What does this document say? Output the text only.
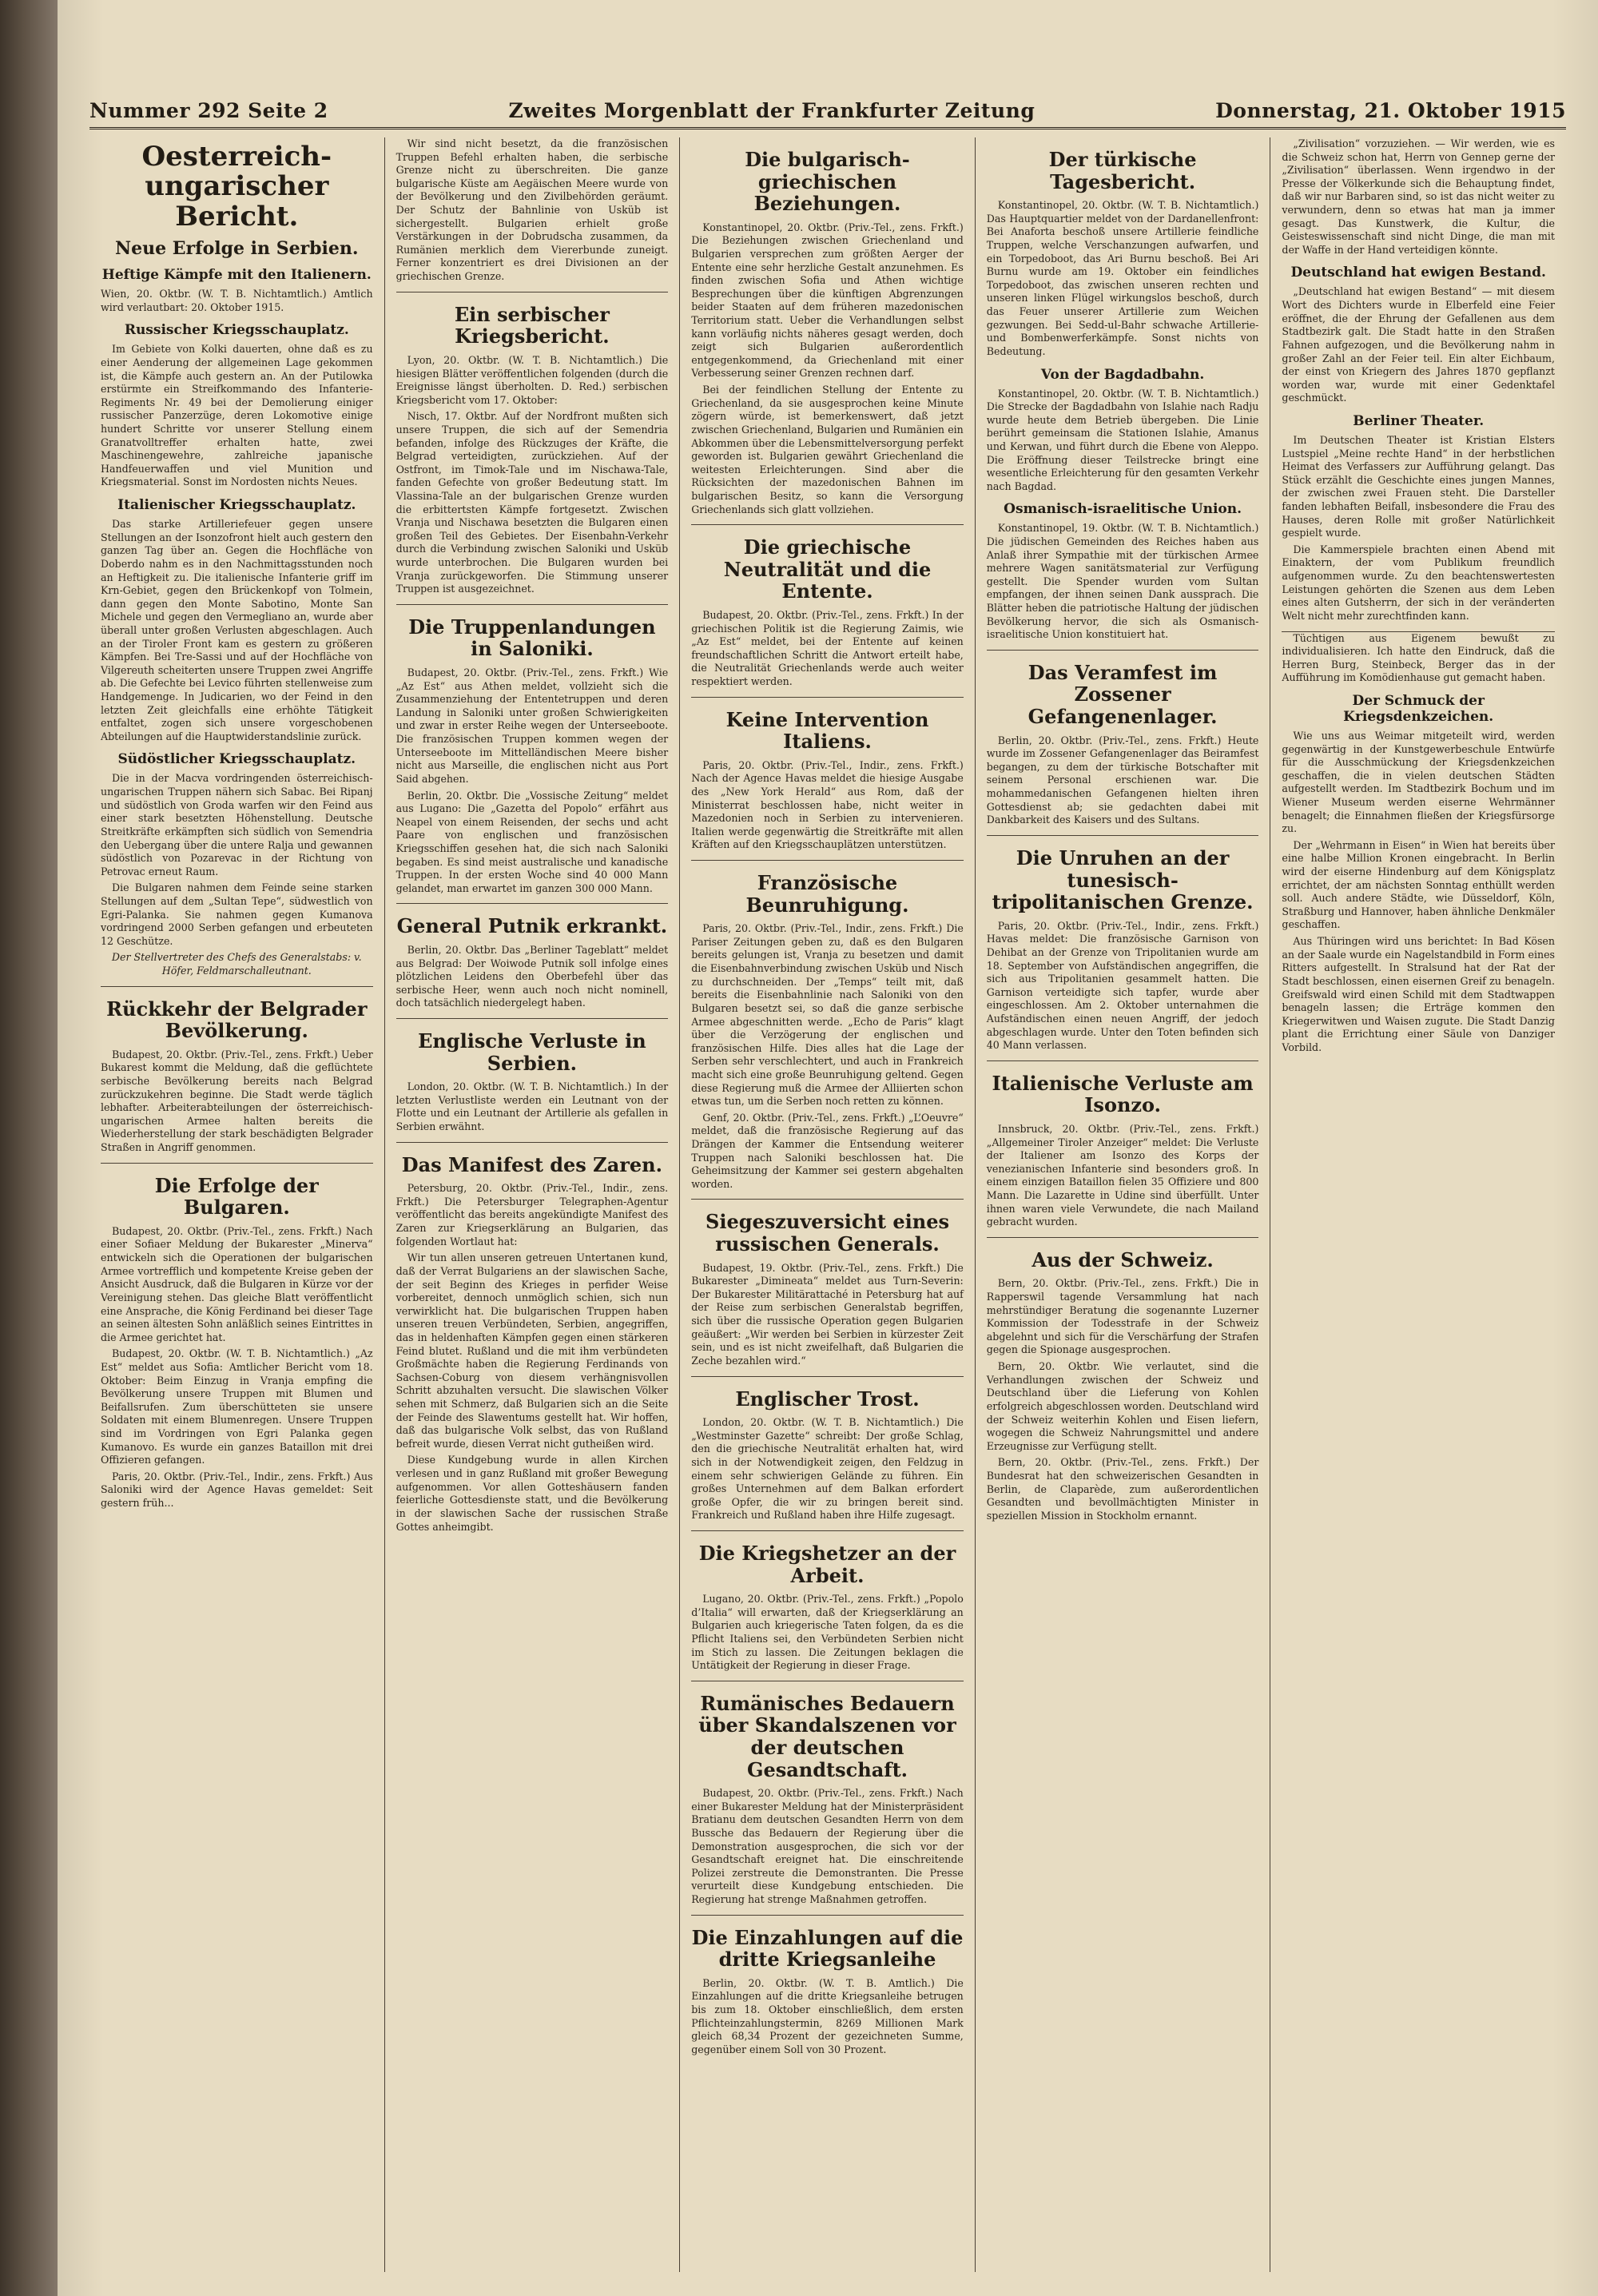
Nummer 292 Seite 2	Zweites Morgenblatt der Frankfurter Zeitung	Donnerstag, 21. Oktober 1915
Oesterreich-ungarischer Bericht.
Neue Erfolge in Serbien.
Heftige Kämpfe mit den Italienern.

Wien, 20. Oktbr. (W. T. B. Nichtamtlich.) Amtlich wird verlautbart: 20. Oktober 1915.

Russischer Kriegsschauplatz.

Im Gebiete von Kolki dauerten, ohne daß es zu einer Aenderung der allgemeinen Lage gekommen ist, die Kämpfe auch gestern an. An der Putilowka erstürmte ein Streifkommando des Infanterie-Regiments Nr. 49 bei der Demolierung einiger russischer Panzerzüge, deren Lokomotive einige hundert Schritte vor unserer Stellung einem Granatvolltreffer erhalten hatte, zwei Maschinengewehre, zahlreiche japanische Handfeuerwaffen und viel Munition und Kriegsmaterial. Sonst im Nordosten nichts Neues.

Italienischer Kriegsschauplatz.

Das starke Artilleriefeuer gegen unsere Stellungen an der Isonzofront hielt auch gestern den ganzen Tag über an. Gegen die Hochfläche von Doberdo nahm es in den Nachmittagsstunden noch an Heftigkeit zu. Die italienische Infanterie griff im Krn-Gebiet, gegen den Brückenkopf von Tolmein, dann gegen den Monte Sabotino, Monte San Michele und gegen den Vermegliano an, wurde aber überall unter großen Verlusten abgeschlagen. Auch an der Tiroler Front kam es gestern zu größeren Kämpfen. Bei Tre-Sassi und auf der Hochfläche von Vilgereuth scheiterten unsere Truppen zwei Angriffe ab. Die Gefechte bei Levico führten stellenweise zum Handgemenge. In Judicarien, wo der Feind in den letzten Zeit gleichfalls eine erhöhte Tätigkeit entfaltet, zogen sich unsere vorgeschobenen Abteilungen auf die Hauptwiderstandslinie zurück.

Südöstlicher Kriegsschauplatz.

Die in der Macva vordringenden österreichisch-ungarischen Truppen nähern sich Sabac. Bei Ripanj und südöstlich von Groda warfen wir den Feind aus einer stark besetzten Höhenstellung. Deutsche Streitkräfte erkämpften sich südlich von Semendria den Uebergang über die untere Ralja und gewannen südöstlich von Pozarevac in der Richtung von Petrovac erneut Raum.

Die Bulgaren nahmen dem Feinde seine starken Stellungen auf dem „Sultan Tepe“, südwestlich von Egri-Palanka. Sie nahmen gegen Kumanova vordringend 2000 Serben gefangen und erbeuteten 12 Geschütze.

Der Stellvertreter des Chefs des Generalstabs: v. Höfer, Feldmarschalleutnant.

Rückkehr der Belgrader Bevölkerung.

Budapest, 20. Oktbr. (Priv.-Tel., zens. Frkft.) Ueber Bukarest kommt die Meldung, daß die geflüchtete serbische Bevölkerung bereits nach Belgrad zurückzukehren beginne. Die Stadt werde täglich lebhafter. Arbeiterabteilungen der österreichisch-ungarischen Armee halten bereits die Wiederherstellung der stark beschädigten Belgrader Straßen in Angriff genommen.

Die Erfolge der Bulgaren.

Budapest, 20. Oktbr. (Priv.-Tel., zens. Frkft.) Nach einer Sofiaer Meldung der Bukarester „Minerva“ entwickeln sich die Operationen der bulgarischen Armee vortrefflich und kompetente Kreise geben der Ansicht Ausdruck, daß die Bulgaren in Kürze vor der Vereinigung stehen. Das gleiche Blatt veröffentlicht eine Ansprache, die König Ferdinand bei dieser Tage an seinen ältesten Sohn anläßlich seines Eintrittes in die Armee gerichtet hat.

Budapest, 20. Oktbr. (W. T. B. Nichtamtlich.) „Az Est“ meldet aus Sofia: Amtlicher Bericht vom 18. Oktober: Beim Einzug in Vranja empfing die Bevölkerung unsere Truppen mit Blumen und Beifallsrufen. Zum überschütteten sie unsere Soldaten mit einem Blumenregen. Unsere Truppen sind im Vordringen von Egri Palanka gegen Kumanovo. Es wurde ein ganzes Bataillon mit drei Offizieren gefangen.

Paris, 20. Oktbr. (Priv.-Tel., Indir., zens. Frkft.) Aus Saloniki wird der Agence Havas gemeldet: Seit gestern früh...

Wir sind nicht besetzt, da die französischen Truppen Befehl erhalten haben, die serbische Grenze nicht zu überschreiten. Die ganze bulgarische Küste am Aegäischen Meere wurde von der Bevölkerung und den Zivilbehörden geräumt. Der Schutz der Bahnlinie von Usküb ist sichergestellt. Bulgarien erhielt große Verstärkungen in der Dobrudscha zusammen, da Rumänien merklich dem Viererbunde zuneigt. Ferner konzentriert es drei Divisionen an der griechischen Grenze.

Ein serbischer Kriegsbericht.

Lyon, 20. Oktbr. (W. T. B. Nichtamtlich.) Die hiesigen Blätter veröffentlichen folgenden (durch die Ereignisse längst überholten. D. Red.) serbischen Kriegsbericht vom 17. Oktober:

Nisch, 17. Oktbr. Auf der Nordfront mußten sich unsere Truppen, die sich auf der Semendria befanden, infolge des Rückzuges der Kräfte, die Belgrad verteidigten, zurückziehen. Auf der Ostfront, im Timok-Tale und im Nischawa-Tale, fanden Gefechte von großer Bedeutung statt. Im Vlassina-Tale an der bulgarischen Grenze wurden die erbittertsten Kämpfe fortgesetzt. Zwischen Vranja und Nischawa besetzten die Bulgaren einen großen Teil des Gebietes. Der Eisenbahn-Verkehr durch die Verbindung zwischen Saloniki und Usküb wurde unterbrochen. Die Bulgaren wurden bei Vranja zurückgeworfen. Die Stimmung unserer Truppen ist ausgezeichnet.

Die Truppenlandungen in Saloniki.

Budapest, 20. Oktbr. (Priv.-Tel., zens. Frkft.) Wie „Az Est“ aus Athen meldet, vollzieht sich die Zusammenziehung der Ententetruppen und deren Landung in Saloniki unter großen Schwierigkeiten und zwar in erster Reihe wegen der Unterseeboote. Die französischen Truppen kommen wegen der Unterseeboote im Mittelländischen Meere bisher nicht aus Marseille, die englischen nicht aus Port Said abgehen.

Berlin, 20. Oktbr. Die „Vossische Zeitung“ meldet aus Lugano: Die „Gazetta del Popolo“ erfährt aus Neapel von einem Reisenden, der sechs und acht Paare von englischen und französischen Kriegsschiffen gesehen hat, die sich nach Saloniki begaben. Es sind meist australische und kanadische Truppen. In der ersten Woche sind 40 000 Mann gelandet, man erwartet im ganzen 300 000 Mann.

General Putnik erkrankt.

Berlin, 20. Oktbr. Das „Berliner Tageblatt“ meldet aus Belgrad: Der Woiwode Putnik soll infolge eines plötzlichen Leidens den Oberbefehl über das serbische Heer, wenn auch noch nicht nominell, doch tatsächlich niedergelegt haben.

Englische Verluste in Serbien.

London, 20. Oktbr. (W. T. B. Nichtamtlich.) In der letzten Verlustliste werden ein Leutnant von der Flotte und ein Leutnant der Artillerie als gefallen in Serbien erwähnt.

Das Manifest des Zaren.

Petersburg, 20. Oktbr. (Priv.-Tel., Indir., zens. Frkft.) Die Petersburger Telegraphen-Agentur veröffentlicht das bereits angekündigte Manifest des Zaren zur Kriegserklärung an Bulgarien, das folgenden Wortlaut hat:

Wir tun allen unseren getreuen Untertanen kund, daß der Verrat Bulgariens an der slawischen Sache, der seit Beginn des Krieges in perfider Weise vorbereitet, dennoch unmöglich schien, sich nun verwirklicht hat. Die bulgarischen Truppen haben unseren treuen Verbündeten, Serbien, angegriffen, das in heldenhaften Kämpfen gegen einen stärkeren Feind blutet. Rußland und die mit ihm verbündeten Großmächte haben die Regierung Ferdinands von Sachsen-Coburg von diesem verhängnisvollen Schritt abzuhalten versucht. Die slawischen Völker sehen mit Schmerz, daß Bulgarien sich an die Seite der Feinde des Slawentums gestellt hat. Wir hoffen, daß das bulgarische Volk selbst, das von Rußland befreit wurde, diesen Verrat nicht gutheißen wird.

Diese Kundgebung wurde in allen Kirchen verlesen und in ganz Rußland mit großer Bewegung aufgenommen. Vor allen Gotteshäusern fanden feierliche Gottesdienste statt, und die Bevölkerung in der slawischen Sache der russischen Straße Gottes anheimgibt.

Die bulgarisch-griechischen Beziehungen.

Konstantinopel, 20. Oktbr. (Priv.-Tel., zens. Frkft.) Die Beziehungen zwischen Griechenland und Bulgarien versprechen zum größten Aerger der Entente eine sehr herzliche Gestalt anzunehmen. Es finden zwischen Sofia und Athen wichtige Besprechungen über die künftigen Abgrenzungen beider Staaten auf dem früheren mazedonischen Territorium statt. Ueber die Verhandlungen selbst kann vorläufig nichts näheres gesagt werden, doch zeigt sich Bulgarien außerordentlich entgegenkommend, da Griechenland mit einer Verbesserung seiner Grenzen rechnen darf.

Bei der feindlichen Stellung der Entente zu Griechenland, da sie ausgesprochen keine Minute zögern würde, ist bemerkenswert, daß jetzt zwischen Griechenland, Bulgarien und Rumänien ein Abkommen über die Lebensmittelversorgung perfekt geworden ist. Bulgarien gewährt Griechenland die weitesten Erleichterungen. Sind aber die Rücksichten der mazedonischen Bahnen im bulgarischen Besitz, so kann die Versorgung Griechenlands sich glatt vollziehen.

Die griechische Neutralität und die Entente.

Budapest, 20. Oktbr. (Priv.-Tel., zens. Frkft.) In der griechischen Politik ist die Regierung Zaimis, wie „Az Est“ meldet, bei der Entente auf keinen freundschaftlichen Schritt die Antwort erteilt habe, die Neutralität Griechenlands werde auch weiter respektiert werden.

Keine Intervention Italiens.

Paris, 20. Oktbr. (Priv.-Tel., Indir., zens. Frkft.) Nach der Agence Havas meldet die hiesige Ausgabe des „New York Herald“ aus Rom, daß der Ministerrat beschlossen habe, nicht weiter in Mazedonien noch in Serbien zu intervenieren. Italien werde gegenwärtig die Streitkräfte mit allen Kräften auf den Kriegsschauplätzen unterstützen.

Französische Beunruhigung.

Paris, 20. Oktbr. (Priv.-Tel., Indir., zens. Frkft.) Die Pariser Zeitungen geben zu, daß es den Bulgaren bereits gelungen ist, Vranja zu besetzen und damit die Eisenbahnverbindung zwischen Usküb und Nisch zu durchschneiden. Der „Temps“ teilt mit, daß bereits die Eisenbahnlinie nach Saloniki von den Bulgaren besetzt sei, so daß die ganze serbische Armee abgeschnitten werde. „Echo de Paris“ klagt über die Verzögerung der englischen und französischen Hilfe. Dies alles hat die Lage der Serben sehr verschlechtert, und auch in Frankreich macht sich eine große Beunruhigung geltend. Gegen diese Regierung muß die Armee der Alliierten schon etwas tun, um die Serben noch retten zu können.

Genf, 20. Oktbr. (Priv.-Tel., zens. Frkft.) „L’Oeuvre“ meldet, daß die französische Regierung auf das Drängen der Kammer die Entsendung weiterer Truppen nach Saloniki beschlossen hat. Die Geheimsitzung der Kammer sei gestern abgehalten worden.

Siegeszuversicht eines russischen Generals.

Budapest, 19. Oktbr. (Priv.-Tel., zens. Frkft.) Die Bukarester „Dimineata“ meldet aus Turn-Severin: Der Bukarester Militärattaché in Petersburg hat auf der Reise zum serbischen Generalstab begriffen, sich über die russische Operation gegen Bulgarien geäußert: „Wir werden bei Serbien in kürzester Zeit sein, und es ist nicht zweifelhaft, daß Bulgarien die Zeche bezahlen wird.“

Englischer Trost.

London, 20. Oktbr. (W. T. B. Nichtamtlich.) Die „Westminster Gazette“ schreibt: Der große Schlag, den die griechische Neutralität erhalten hat, wird sich in der Notwendigkeit zeigen, den Feldzug in einem sehr schwierigen Gelände zu führen. Ein großes Unternehmen auf dem Balkan erfordert große Opfer, die wir zu bringen bereit sind. Frankreich und Rußland haben ihre Hilfe zugesagt.

Die Kriegshetzer an der Arbeit.

Lugano, 20. Oktbr. (Priv.-Tel., zens. Frkft.) „Popolo d’Italia“ will erwarten, daß der Kriegserklärung an Bulgarien auch kriegerische Taten folgen, da es die Pflicht Italiens sei, den Verbündeten Serbien nicht im Stich zu lassen. Die Zeitungen beklagen die Untätigkeit der Regierung in dieser Frage.

Rumänisches Bedauern über Skandalszenen vor der deutschen Gesandtschaft.

Budapest, 20. Oktbr. (Priv.-Tel., zens. Frkft.) Nach einer Bukarester Meldung hat der Ministerpräsident Bratianu dem deutschen Gesandten Herrn von dem Bussche das Bedauern der Regierung über die Demonstration ausgesprochen, die sich vor der Gesandtschaft ereignet hat. Die einschreitende Polizei zerstreute die Demonstranten. Die Presse verurteilt diese Kundgebung entschieden. Die Regierung hat strenge Maßnahmen getroffen.

Die Einzahlungen auf die dritte Kriegsanleihe

Berlin, 20. Oktbr. (W. T. B. Amtlich.) Die Einzahlungen auf die dritte Kriegsanleihe betrugen bis zum 18. Oktober einschließlich, dem ersten Pflichteinzahlungstermin, 8269 Millionen Mark gleich 68,34 Prozent der gezeichneten Summe, gegenüber einem Soll von 30 Prozent.

Der türkische Tagesbericht.

Konstantinopel, 20. Oktbr. (W. T. B. Nichtamtlich.) Das Hauptquartier meldet von der Dardanellenfront: Bei Anaforta beschoß unsere Artillerie feindliche Truppen, welche Verschanzungen aufwarfen, und ein Torpedoboot, das Ari Burnu beschoß. Bei Ari Burnu wurde am 19. Oktober ein feindliches Torpedoboot, das zwischen unseren rechten und unseren linken Flügel wirkungslos beschoß, durch das Feuer unserer Artillerie zum Weichen gezwungen. Bei Sedd-ul-Bahr schwache Artillerie- und Bombenwerferkämpfe. Sonst nichts von Bedeutung.

Von der Bagdadbahn.

Konstantinopel, 20. Oktbr. (W. T. B. Nichtamtlich.) Die Strecke der Bagdadbahn von Islahie nach Radju wurde heute dem Betrieb übergeben. Die Linie berührt gemeinsam die Stationen Islahie, Amanus und Kerwan, und führt durch die Ebene von Aleppo. Die Eröffnung dieser Teilstrecke bringt eine wesentliche Erleichterung für den gesamten Verkehr nach Bagdad.

Osmanisch-israelitische Union.

Konstantinopel, 19. Oktbr. (W. T. B. Nichtamtlich.) Die jüdischen Gemeinden des Reiches haben aus Anlaß ihrer Sympathie mit der türkischen Armee mehrere Wagen sanitätsmaterial zur Verfügung gestellt. Die Spender wurden vom Sultan empfangen, der ihnen seinen Dank aussprach. Die Blätter heben die patriotische Haltung der jüdischen Bevölkerung hervor, die sich als Osmanisch-israelitische Union konstituiert hat.

Das Veramfest im Zossener Gefangenenlager.

Berlin, 20. Oktbr. (Priv.-Tel., zens. Frkft.) Heute wurde im Zossener Gefangenenlager das Beiramfest begangen, zu dem der türkische Botschafter mit seinem Personal erschienen war. Die mohammedanischen Gefangenen hielten ihren Gottesdienst ab; sie gedachten dabei mit Dankbarkeit des Kaisers und des Sultans.

Die Unruhen an der tunesisch-tripolitanischen Grenze.

Paris, 20. Oktbr. (Priv.-Tel., Indir., zens. Frkft.) Havas meldet: Die französische Garnison von Dehibat an der Grenze von Tripolitanien wurde am 18. September von Aufständischen angegriffen, die sich aus Tripolitanien gesammelt hatten. Die Garnison verteidigte sich tapfer, wurde aber eingeschlossen. Am 2. Oktober unternahmen die Aufständischen einen neuen Angriff, der jedoch abgeschlagen wurde. Unter den Toten befinden sich 40 Mann verlassen.

Italienische Verluste am Isonzo.

Innsbruck, 20. Oktbr. (Priv.-Tel., zens. Frkft.) „Allgemeiner Tiroler Anzeiger“ meldet: Die Verluste der Italiener am Isonzo des Korps der venezianischen Infanterie sind besonders groß. In einem einzigen Bataillon fielen 35 Offiziere und 800 Mann. Die Lazarette in Udine sind überfüllt. Unter ihnen waren viele Verwundete, die nach Mailand gebracht wurden.

Aus der Schweiz.

Bern, 20. Oktbr. (Priv.-Tel., zens. Frkft.) Die in Rapperswil tagende Versammlung hat nach mehrstündiger Beratung die sogenannte Luzerner Kommission der Todesstrafe in der Schweiz abgelehnt und sich für die Verschärfung der Strafen gegen die Spionage ausgesprochen.

Bern, 20. Oktbr. Wie verlautet, sind die Verhandlungen zwischen der Schweiz und Deutschland über die Lieferung von Kohlen erfolgreich abgeschlossen worden. Deutschland wird der Schweiz weiterhin Kohlen und Eisen liefern, wogegen die Schweiz Nahrungsmittel und andere Erzeugnisse zur Verfügung stellt.

Bern, 20. Oktbr. (Priv.-Tel., zens. Frkft.) Der Bundesrat hat den schweizerischen Gesandten in Berlin, de Claparède, zum außerordentlichen Gesandten und bevollmächtigten Minister in speziellen Mission in Stockholm ernannt.

„Zivilisation“ vorzuziehen. — Wir werden, wie es die Schweiz schon hat, Herrn von Gennep gerne der „Zivilisation“ überlassen. Wenn irgendwo in der Presse der Völkerkunde sich die Behauptung findet, daß wir nur Barbaren sind, so ist das nicht weiter zu verwundern, denn so etwas hat man ja immer gesagt. Das Kunstwerk, die Kultur, die Geisteswissenschaft sind nicht Dinge, die man mit der Waffe in der Hand verteidigen könnte.

Deutschland hat ewigen Bestand.

„Deutschland hat ewigen Bestand“ — mit diesem Wort des Dichters wurde in Elberfeld eine Feier eröffnet, die der Ehrung der Gefallenen aus dem Stadtbezirk galt. Die Stadt hatte in den Straßen Fahnen aufgezogen, und die Bevölkerung nahm in großer Zahl an der Feier teil. Ein alter Eichbaum, der einst von Kriegern des Jahres 1870 gepflanzt worden war, wurde mit einer Gedenktafel geschmückt.

Berliner Theater.

Im Deutschen Theater ist Kristian Elsters Lustspiel „Meine rechte Hand“ in der herbstlichen Heimat des Verfassers zur Aufführung gelangt. Das Stück erzählt die Geschichte eines jungen Mannes, der zwischen zwei Frauen steht. Die Darsteller fanden lebhaften Beifall, insbesondere die Frau des Hauses, deren Rolle mit großer Natürlichkeit gespielt wurde.

Die Kammerspiele brachten einen Abend mit Einaktern, der vom Publikum freundlich aufgenommen wurde. Zu den beachtenswertesten Leistungen gehörten die Szenen aus dem Leben eines alten Gutsherrn, der sich in der veränderten Welt nicht mehr zurechtfinden kann.

Tüchtigen aus Eigenem bewußt zu individualisieren. Ich hatte den Eindruck, daß die Herren Burg, Steinbeck, Berger das in der Aufführung im Komödienhause gut gemacht haben.

Der Schmuck der Kriegsdenkzeichen.

Wie uns aus Weimar mitgeteilt wird, werden gegenwärtig in der Kunstgewerbeschule Entwürfe für die Ausschmückung der Kriegsdenkzeichen geschaffen, die in vielen deutschen Städten aufgestellt werden. Im Stadtbezirk Bochum und im Wiener Museum werden eiserne Wehrmänner benagelt; die Einnahmen fließen der Kriegsfürsorge zu.

Der „Wehrmann in Eisen“ in Wien hat bereits über eine halbe Million Kronen eingebracht. In Berlin wird der eiserne Hindenburg auf dem Königsplatz errichtet, der am nächsten Sonntag enthüllt werden soll. Auch andere Städte, wie Düsseldorf, Köln, Straßburg und Hannover, haben ähnliche Denkmäler geschaffen.

Aus Thüringen wird uns berichtet: In Bad Kösen an der Saale wurde ein Nagelstandbild in Form eines Ritters aufgestellt. In Stralsund hat der Rat der Stadt beschlossen, einen eisernen Greif zu benageln. Greifswald wird einen Schild mit dem Stadtwappen benageln lassen; die Erträge kommen den Kriegerwitwen und Waisen zugute. Die Stadt Danzig plant die Errichtung einer Säule von Danziger Vorbild.
